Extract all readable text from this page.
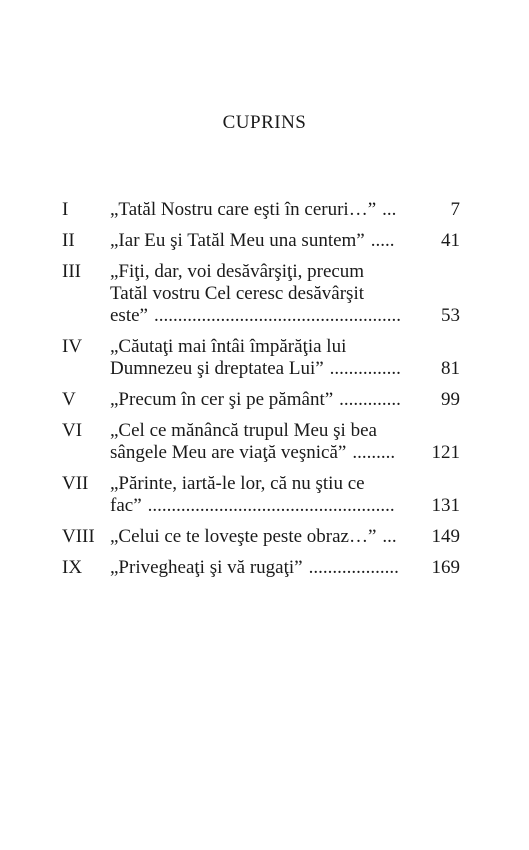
CUPRINS
I	„Tatăl Nostru care eşti în ceruri…” ...	7
II	„Iar Eu şi Tatăl Meu una suntem” .....	41
III	„Fiţi, dar, voi desăvârşiţi, precum
Tatăl vostru Cel ceresc desăvârşit
este” ....................................................	53
IV	„Căutaţi mai întâi împărăţia lui
Dumnezeu şi dreptatea Lui” ...............	81
V	„Precum în cer şi pe pământ” .............	99
VI	„Cel ce mănâncă trupul Meu şi bea
sângele Meu are viaţă veşnică” .........	121
VII	„Părinte, iartă-le lor, că nu ştiu ce
fac” ....................................................	131
VIII „Celui ce te loveşte peste obraz…” ...	149
IX	„Privegheaţi şi vă rugaţi” ...................	169
